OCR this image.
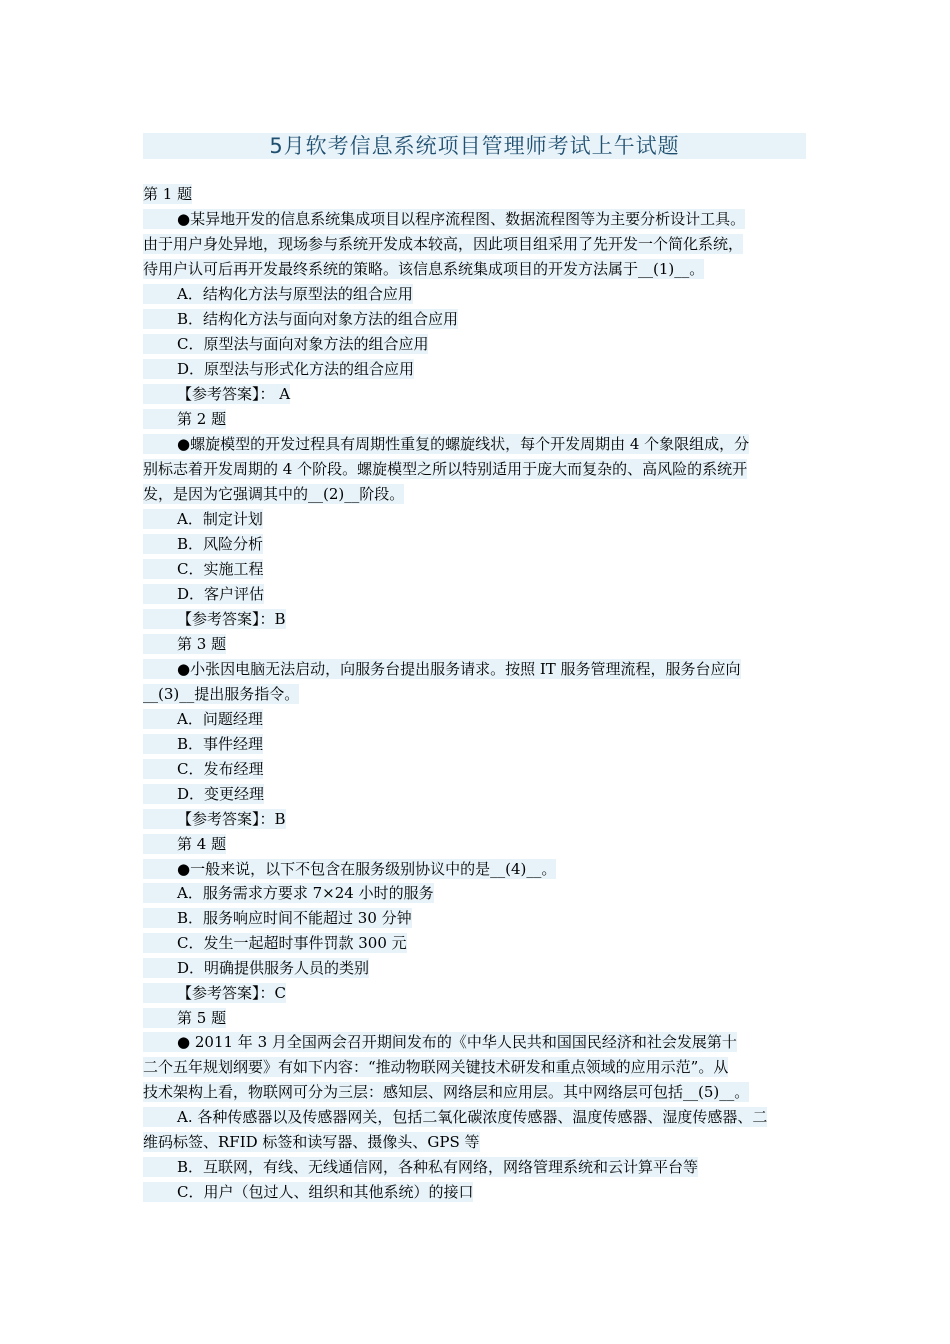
5月软考信息系统项目管理师考试上午试题
第 1 题
●某异地开发的信息系统集成项目以程序流程图、数据流程图等为主要分析设计工具。
由于用户身处异地，现场参与系统开发成本较高，因此项目组采用了先开发一个简化系统，
待用户认可后再开发最终系统的策略。该信息系统集成项目的开发方法属于__(1)__。
A．结构化方法与原型法的组合应用
B．结构化方法与面向对象方法的组合应用
C．原型法与面向对象方法的组合应用
D．原型法与形式化方法的组合应用
【参考答案】： A
第 2 题
●螺旋模型的开发过程具有周期性重复的螺旋线状，每个开发周期由 4 个象限组成，分
别标志着开发周期的 4 个阶段。螺旋模型之所以特别适用于庞大而复杂的、高风险的系统开
发，是因为它强调其中的__(2)__阶段。
A．制定计划
B．风险分析
C．实施工程
D．客户评估
【参考答案】：B
第 3 题
●小张因电脑无法启动，向服务台提出服务请求。按照 IT 服务管理流程，服务台应向
__(3)__提出服务指令。
A．问题经理
B．事件经理
C．发布经理
D．变更经理
【参考答案】：B
第 4 题
●一般来说，以下不包含在服务级别协议中的是__(4)__。
A．服务需求方要求 7×24 小时的服务
B．服务响应时间不能超过 30 分钟
C．发生一起超时事件罚款 300 元
D．明确提供服务人员的类别
【参考答案】：C
第 5 题
● 2011 年 3 月全国两会召开期间发布的《中华人民共和国国民经济和社会发展第十
二个五年规划纲要》有如下内容：“推动物联网关键技术研发和重点领域的应用示范”。从
技术架构上看，物联网可分为三层：感知层、网络层和应用层。其中网络层可包括__(5)__。
A. 各种传感器以及传感器网关，包括二氧化碳浓度传感器、温度传感器、湿度传感器、二
维码标签、RFID 标签和读写器、摄像头、GPS 等
B．互联网，有线、无线通信网，各种私有网络，网络管理系统和云计算平台等
C．用户（包过人、组织和其他系统）的接口
